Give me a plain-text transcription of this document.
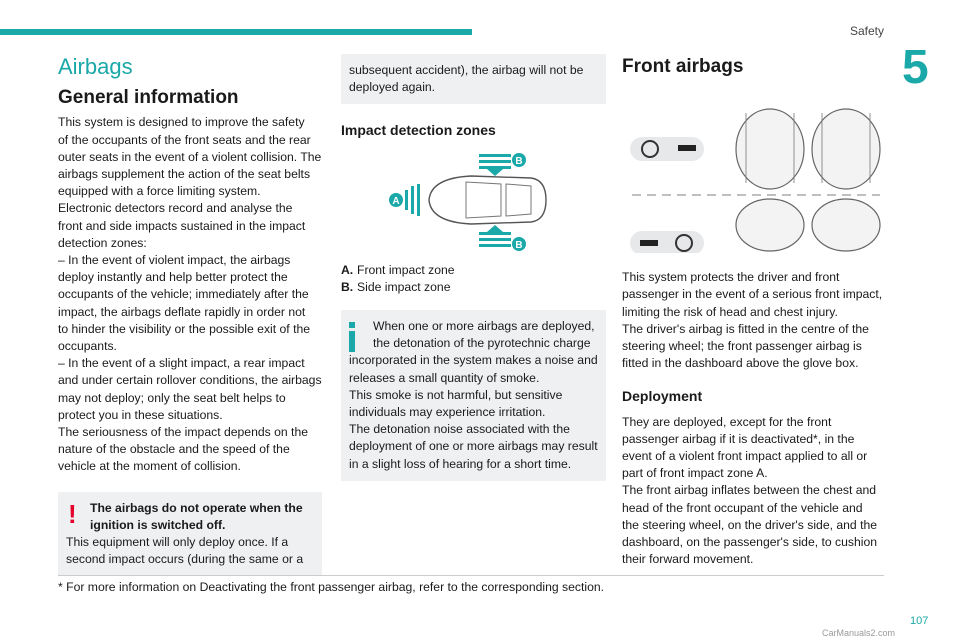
Safety
5
Airbags
General information

This system is designed to improve the safety
of the occupants of the front seats and the rear
outer seats in the event of a violent collision. The
airbags supplement the action of the seat belts
equipped with a force limiting system.
Electronic detectors record and analyse the
front and side impacts sustained in the impact
detection zones:
– In the event of violent impact, the airbags
deploy instantly and help better protect the
occupants of the vehicle; immediately after the
impact, the airbags deflate rapidly in order not
to hinder the visibility or the possible exit of the
occupants.
– In the event of a slight impact, a rear impact
and under certain rollover conditions, the airbags
may not deploy; only the seat belt helps to
protect you in these situations.
The seriousness of the impact depends on the
nature of the obstacle and the speed of the
vehicle at the moment of collision.

!	The airbags do not operate when the
ignition is switched off.

This equipment will only deploy once. If a
second impact occurs (during the same or a

subsequent accident), the airbag will not be
deployed again.

Impact detection zones
A
B
B
A. Front impact zone
B. Side impact zone

When one or more airbags are deployed,
the detonation of the pyrotechnic charge

incorporated in the system makes a noise and
releases a small quantity of smoke.
This smoke is not harmful, but sensitive
individuals may experience irritation.
The detonation noise associated with the
deployment of one or more airbags may result
in a slight loss of hearing for a short time.

Front airbags

This system protects the driver and front
passenger in the event of a serious front impact,
limiting the risk of head and chest injury.
The driver's airbag is fitted in the centre of the
steering wheel; the front passenger airbag is
fitted in the dashboard above the glove box.

Deployment

They are deployed, except for the front
passenger airbag if it is deactivated*, in the
event of a violent front impact applied to all or
part of front impact zone A.
The front airbag inflates between the chest and
head of the front occupant of the vehicle and
the steering wheel, on the driver's side, and the
dashboard, on the passenger's side, to cushion
their forward movement.

* For more information on Deactivating the front passenger airbag, refer to the corresponding section.
107
CarManuals2.com
